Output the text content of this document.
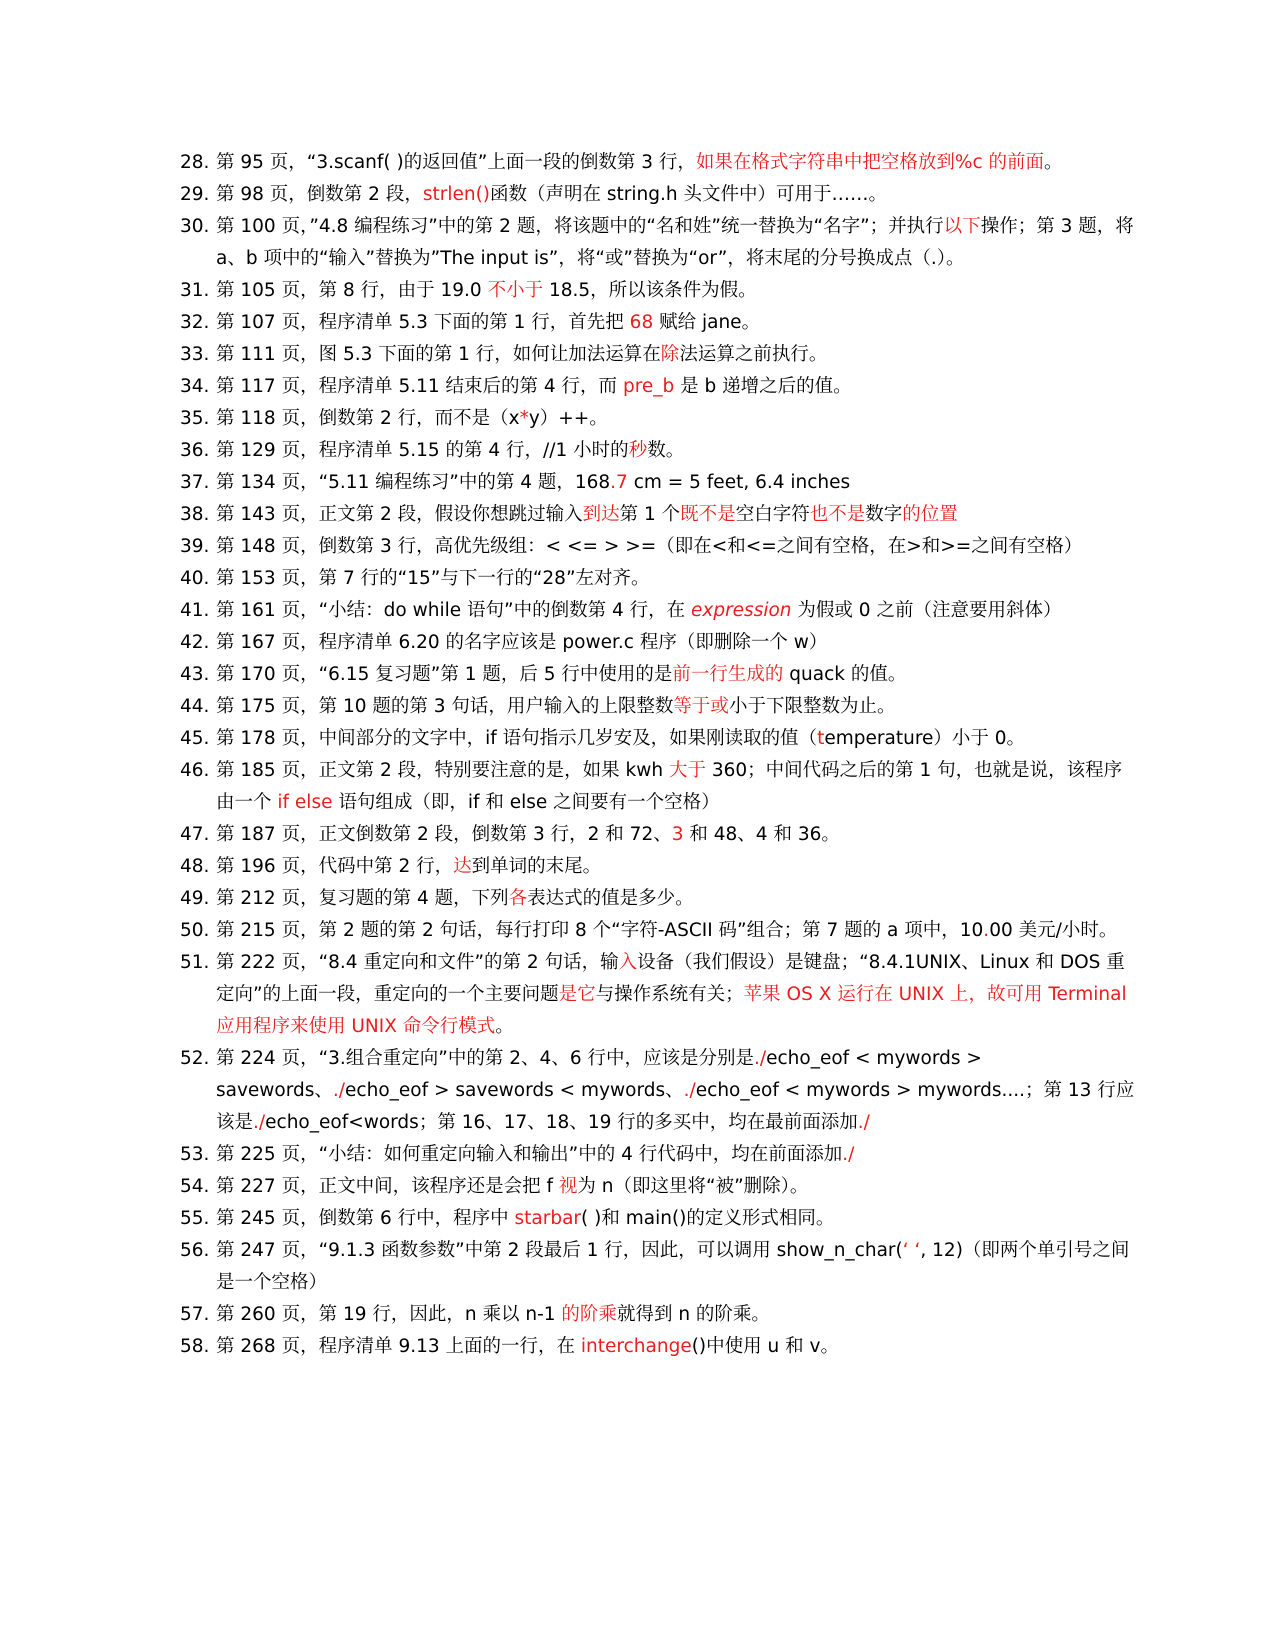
28. 第 95 页，“3.scanf( )的返回值”上面一段的倒数第 3 行，如果在格式字符串中把空格放到%c 的前面。
29. 第 98 页，倒数第 2 段，strlen()函数（声明在 string.h 头文件中）可用于……。
30. 第 100 页，”4.8 编程练习”中的第 2 题，将该题中的“名和姓”统一替换为“名字”；并执行以下操作；第 3 题，将 a、b 项中的“输入”替换为”The input is”，将“或”替换为“or”，将末尾的分号换成点（.）。
31. 第 105 页，第 8 行，由于 19.0 不小于 18.5，所以该条件为假。
32. 第 107 页，程序清单 5.3 下面的第 1 行，首先把 68 赋给 jane。
33. 第 111 页，图 5.3 下面的第 1 行，如何让加法运算在除法运算之前执行。
34. 第 117 页，程序清单 5.11 结束后的第 4 行，而 pre_b 是 b 递增之后的值。
35. 第 118 页，倒数第 2 行，而不是（x*y）++。
36. 第 129 页，程序清单 5.15 的第 4 行，//1 小时的秒数。
37. 第 134 页，“5.11 编程练习”中的第 4 题，168.7 cm = 5 feet, 6.4 inches
38. 第 143 页，正文第 2 段，假设你想跳过输入到达第 1 个既不是空白字符也不是数字的位置
39. 第 148 页，倒数第 3 行，高优先级组：< <= > >=（即在<和<=之间有空格，在>和>=之间有空格）
40. 第 153 页，第 7 行的“15”与下一行的“28”左对齐。
41. 第 161 页，“小结：do while 语句”中的倒数第 4 行，在 expression 为假或 0 之前（注意要用斜体）
42. 第 167 页，程序清单 6.20 的名字应该是 power.c 程序（即删除一个 w）
43. 第 170 页，“6.15 复习题”第 1 题，后 5 行中使用的是前一行生成的 quack 的值。
44. 第 175 页，第 10 题的第 3 句话，用户输入的上限整数等于或小于下限整数为止。
45. 第 178 页，中间部分的文字中，if 语句指示几岁安及，如果刚读取的值（temperature）小于 0。
46. 第 185 页，正文第 2 段，特别要注意的是，如果 kwh 大于 360；中间代码之后的第 1 句，也就是说，该程序由一个 if else 语句组成（即，if 和 else 之间要有一个空格）
47. 第 187 页，正文倒数第 2 段，倒数第 3 行，2 和 72、3 和 48、4 和 36。
48. 第 196 页，代码中第 2 行，达到单词的末尾。
49. 第 212 页，复习题的第 4 题，下列各表达式的值是多少。
50. 第 215 页，第 2 题的第 2 句话，每行打印 8 个“字符-ASCII 码”组合；第 7 题的 a 项中，10.00 美元/小时。
51. 第 222 页，“8.4 重定向和文件”的第 2 句话，输入设备（我们假设）是键盘；“8.4.1UNIX、Linux 和 DOS 重定向”的上面一段，重定向的一个主要问题是它与操作系统有关；苹果 OS X 运行在 UNIX 上，故可用 Terminal 应用程序来使用 UNIX 命令行模式。
52. 第 224 页，“3.组合重定向”中的第 2、4、6 行中，应该是分别是./echo_eof < mywords > savewords、./echo_eof > savewords < mywords、./echo_eof < mywords > mywords....；第 13 行应该是./echo_eof<words；第 16、17、18、19 行的多买中，均在最前面添加./
53. 第 225 页，“小结：如何重定向输入和输出”中的 4 行代码中，均在前面添加./
54. 第 227 页，正文中间，该程序还是会把 f 视为 n（即这里将“被”删除）。
55. 第 245 页，倒数第 6 行中，程序中 starbar( )和 main()的定义形式相同。
56. 第 247 页，“9.1.3 函数参数”中第 2 段最后 1 行，因此，可以调用 show_n_char(‘ ‘, 12)（即两个单引号之间是一个空格）
57. 第 260 页，第 19 行，因此，n 乘以 n-1 的阶乘就得到 n 的阶乘。
58. 第 268 页，程序清单 9.13 上面的一行，在 interchange()中使用 u 和 v。
